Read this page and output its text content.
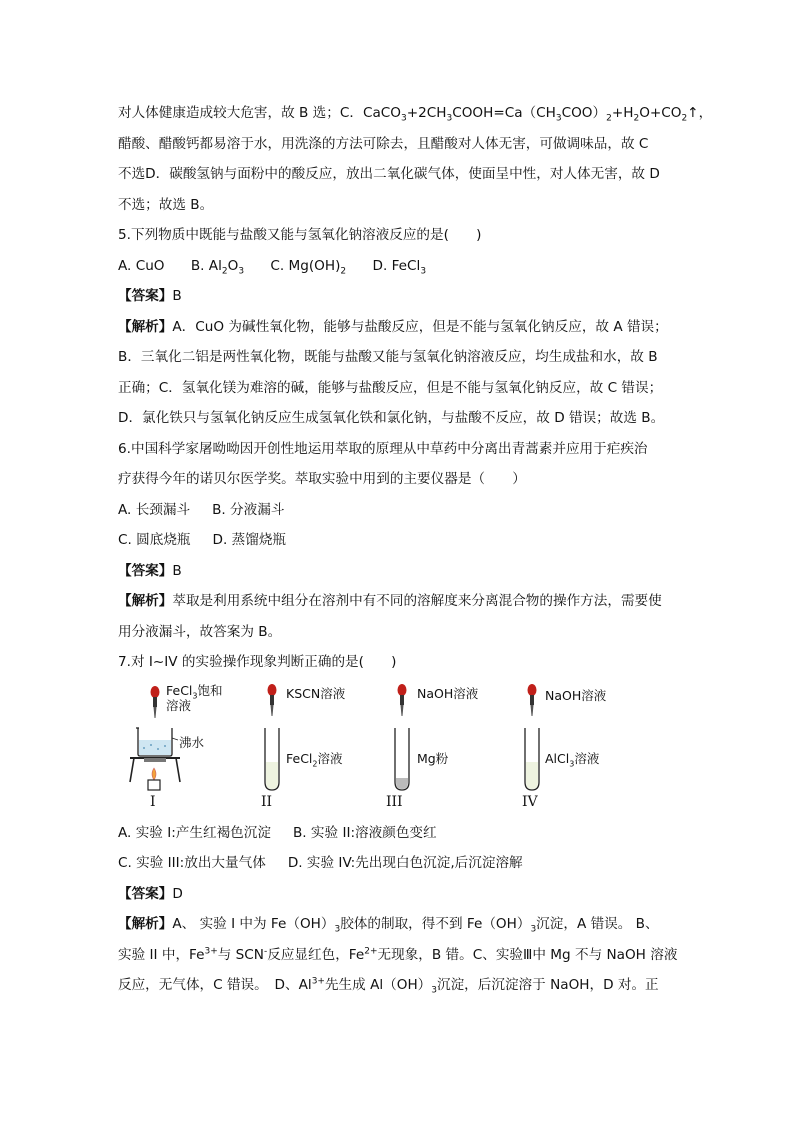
对人体健康造成较大危害，故 B 选；C．$CaCO_3+2CH_3COOH=Ca(CH_3COO)_2+H_2O+CO_2↑$，
醋酸、醋酸钙都易溶于水，用洗涤的方法可除去，且醋酸对人体无害，可做调味品，故 C
不选D．碳酸氢钠与面粉中的酸反应，放出二氧化碳气体，使面呈中性，对人体无害，故 D
不选；故选 B。
5.下列物质中既能与盐酸又能与氢氧化钠溶液反应的是(　　)
A. CuO B. $Al_2O_3$ C. $Mg(OH)_2$ D. FeCl$_3$
【答案】B
【解析】A．CuO 为碱性氧化物，能够与盐酸反应，但是不能与氢氧化钠反应，故 A 错误；
B．三氧化二铝是两性氧化物，既能与盐酸又能与氢氧化钠溶液反应，均生成盐和水，故 B
正确；C．氢氧化镁为难溶的碱，能够与盐酸反应，但是不能与氢氧化钠反应，故 C 错误；
D．氯化铁只与氢氧化钠反应生成氢氧化铁和氯化钠，与盐酸不反应，故 D 错误；故选 B。
6.中国科学家屠呦呦因开创性地运用萃取的原理从中草药中分离出青蒿素并应用于疟疾治
疗获得今年的诺贝尔医学奖。萃取实验中用到的主要仪器是（　　）
A. 长颈漏斗 B. 分液漏斗
C. 圆底烧瓶 D. 蒸馏烧瓶
【答案】B
【解析】萃取是利用系统中组分在溶剂中有不同的溶解度来分离混合物的操作方法，需要使
用分液漏斗，故答案为 B。
7.对 I~IV 的实验操作现象判断正确的是(　　)
FeCl$_3$饱和
溶液
沸水
I
KSCN溶液
FeCl$_2$溶液
II
NaOH溶液
Mg粉
III
NaOH溶液
AlCl$_3$溶液
IV
A. 实验 I:产生红褐色沉淀 B. 实验 II:溶液颜色变红
C. 实验 III:放出大量气体 D. 实验 IV:先出现白色沉淀,后沉淀溶解
【答案】D
【解析】A、 实验 I 中为 $Fe(OH)_3$胶体的制取，得不到 $Fe(OH)_3$沉淀，A 错误。 B、
实验 II 中，$Fe^{3+}$与 SCN-反应显红色，$Fe^{2+}$无现象，B 错。C、实验Ⅲ中 Mg 不与 NaOH 溶液
反应，无气体，C 错误。　D、$Al^{3+}$先生成 $Al(OH)_3$沉淀，后沉淀溶于 NaOH，D 对。正
